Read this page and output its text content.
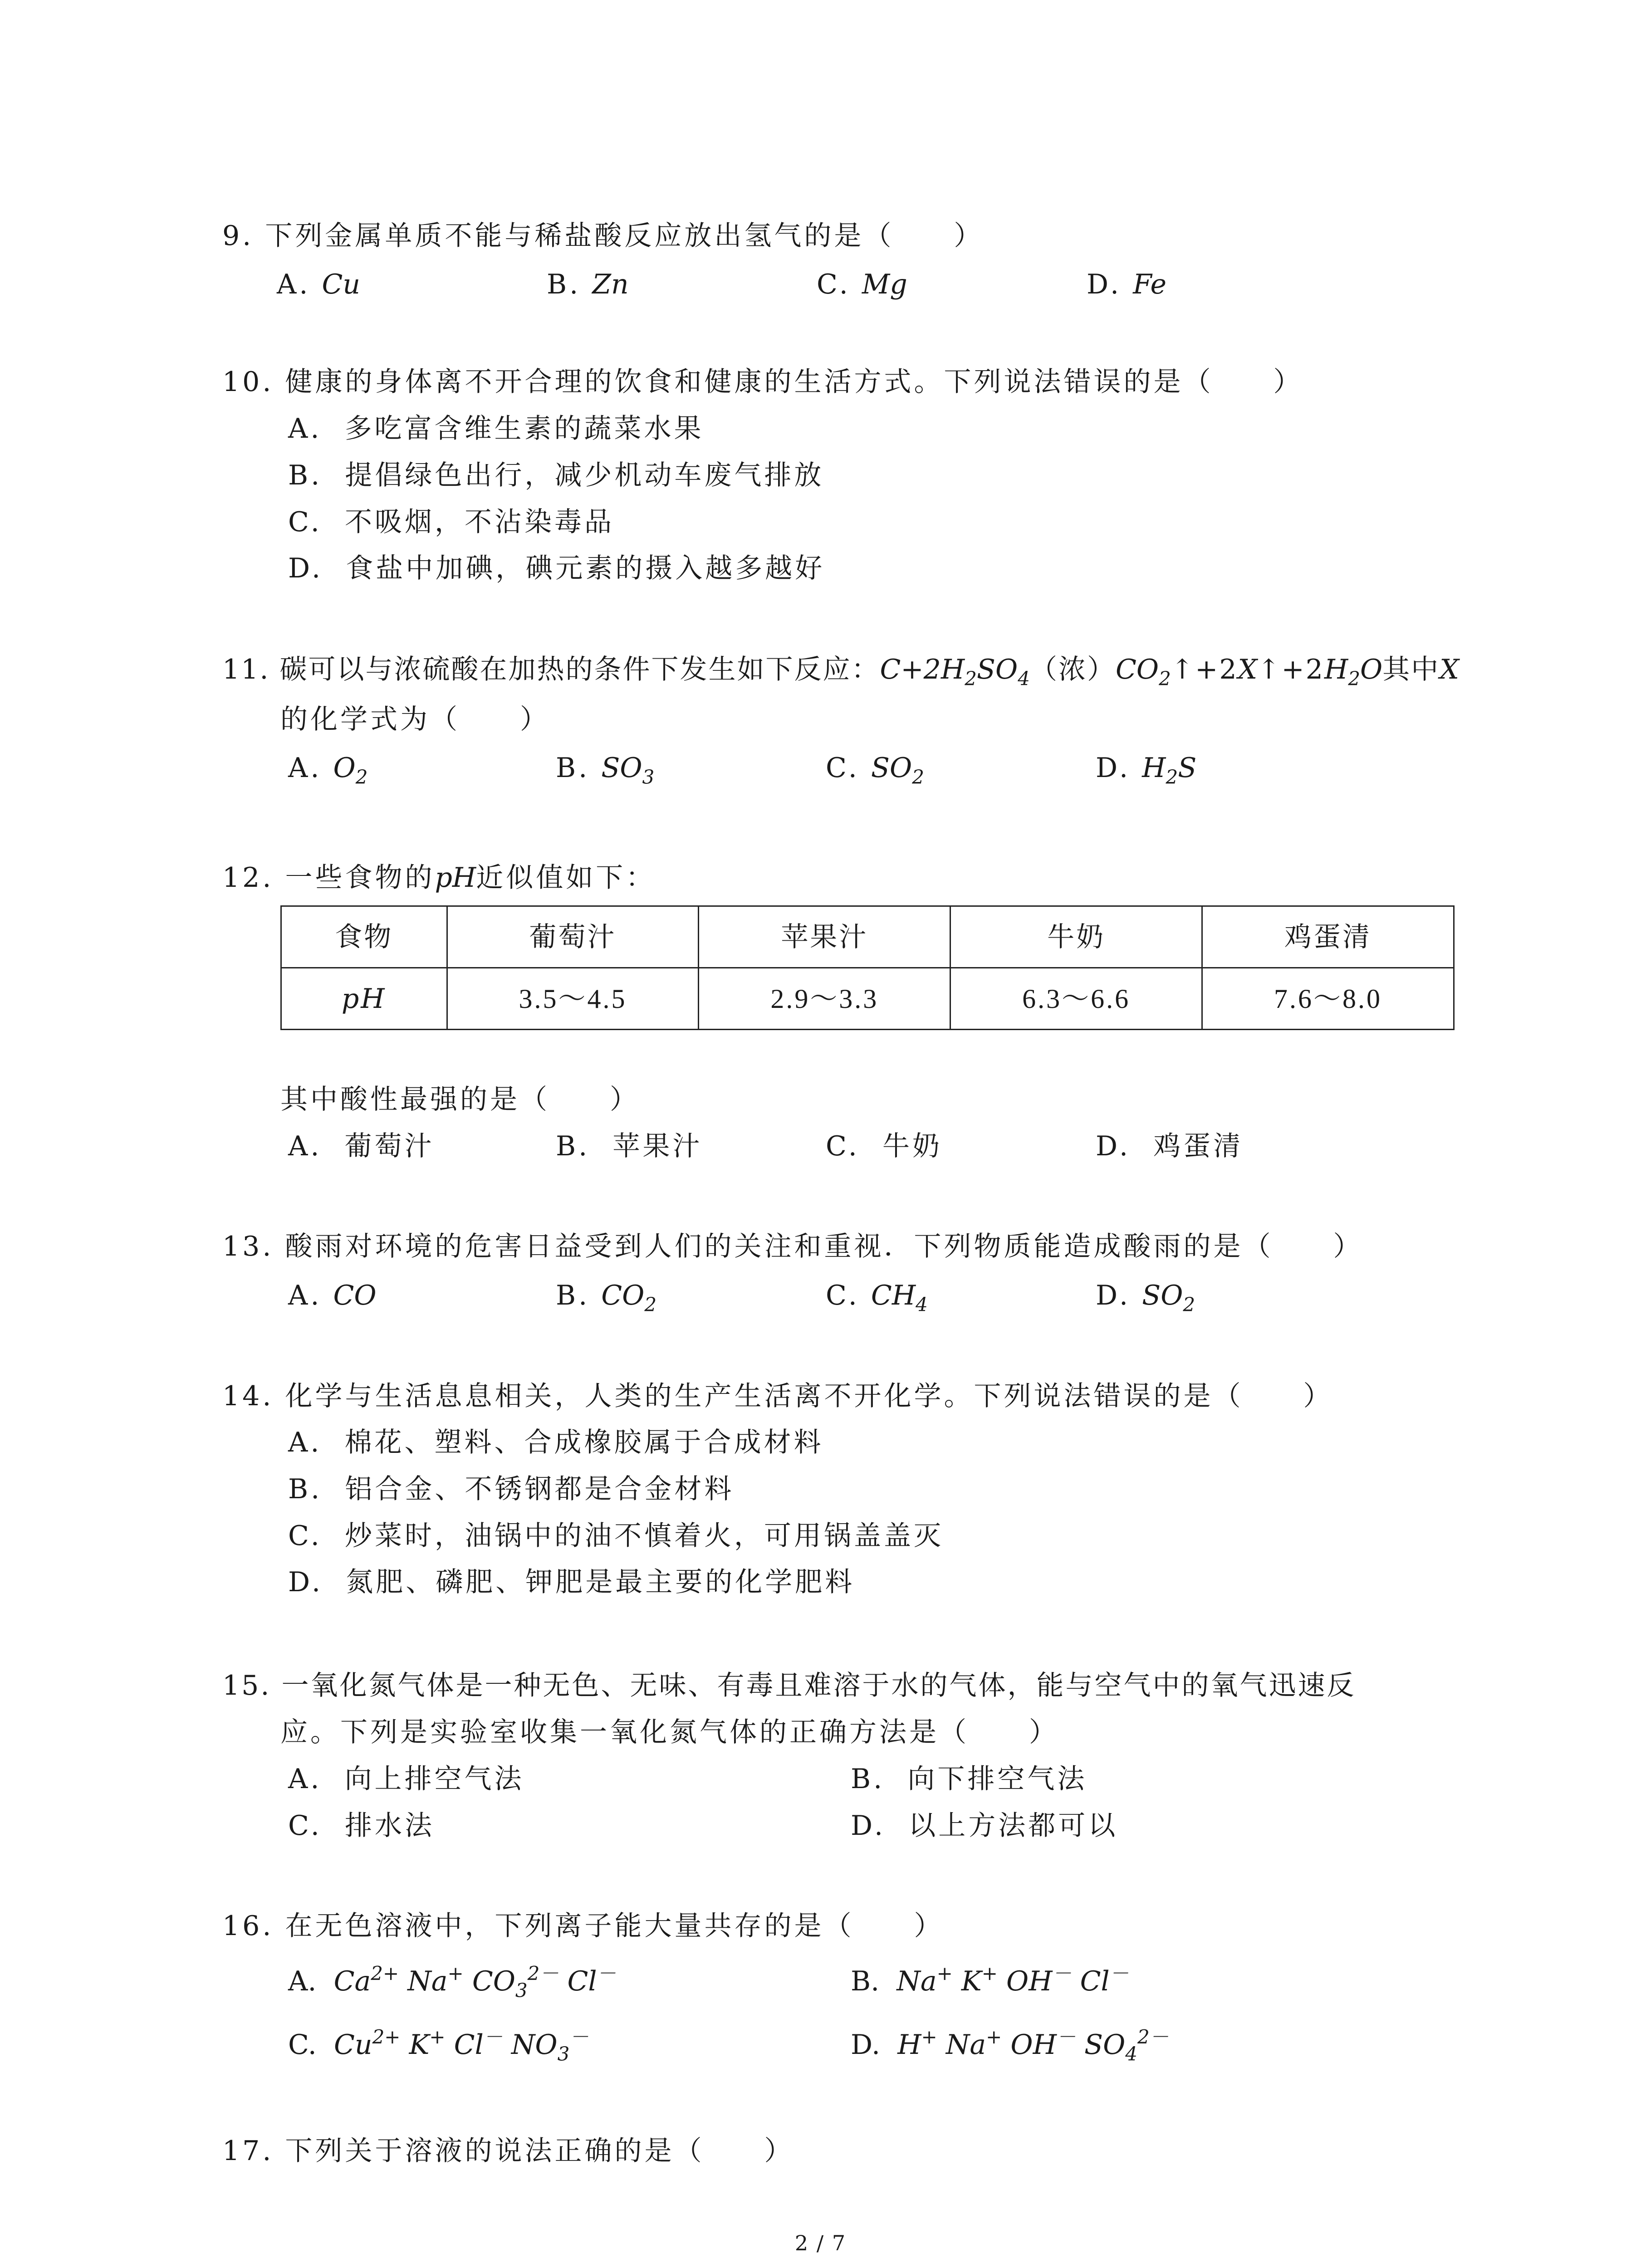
9. 下列金属单质不能与稀盐酸反应放出氢气的是（　　）
A. Cu	B. Zn	C. Mg	D. Fe
10. 健康的身体离不开合理的饮食和健康的生活方式。下列说法错误的是（　　）
A. 多吃富含维生素的蔬菜水果
B. 提倡绿色出行，减少机动车废气排放
C. 不吸烟，不沾染毒品
D. 食盐中加碘，碘元素的摄入越多越好
11. 碳可以与浓硫酸在加热的条件下发生如下反应：$C+2H_2SO_4$（浓）$CO_2↑+2X↑+2H_2O$其中X
的化学式为（　　）
A. $O_2$	B. $SO_3$	C. $SO_2$	D. $H_2S$
12. 一些食物的pH近似值如下：
食物	葡萄汁	苹果汁	牛奶	鸡蛋清
pH	3.5～4.5	2.9～3.3	6.3～6.6	7.6～8.0
其中酸性最强的是（　　）
A. 葡萄汁	B. 苹果汁	C. 牛奶	D. 鸡蛋清
13. 酸雨对环境的危害日益受到人们的关注和重视．下列物质能造成酸雨的是（　　）
A. CO	B. $CO_2$	C. $CH_4$	D. $SO_2$
14. 化学与生活息息相关，人类的生产生活离不开化学。下列说法错误的是（　　）
A. 棉花、塑料、合成橡胶属于合成材料
B. 铝合金、不锈钢都是合金材料
C. 炒菜时，油锅中的油不慎着火，可用锅盖盖灭
D. 氮肥、磷肥、钾肥是最主要的化学肥料
15. 一氧化氮气体是一种无色、无味、有毒且难溶于水的气体，能与空气中的氧气迅速反
应。下列是实验室收集一氧化氮气体的正确方法是（　　）
A. 向上排空气法	B. 向下排空气法
C. 排水法	D. 以上方法都可以
16. 在无色溶液中，下列离子能大量共存的是（　　）
A. $Ca^{2+}$ Na+ $CO_3^{2-}$ Cl－	B. Na+ K+ OH－ Cl－
C. $Cu^{2+}$ K+ Cl－ $NO_3^-$	D. H+ Na+ OH－ $SO_4^{2-}$
17. 下列关于溶液的说法正确的是（　　）
2 / 7
